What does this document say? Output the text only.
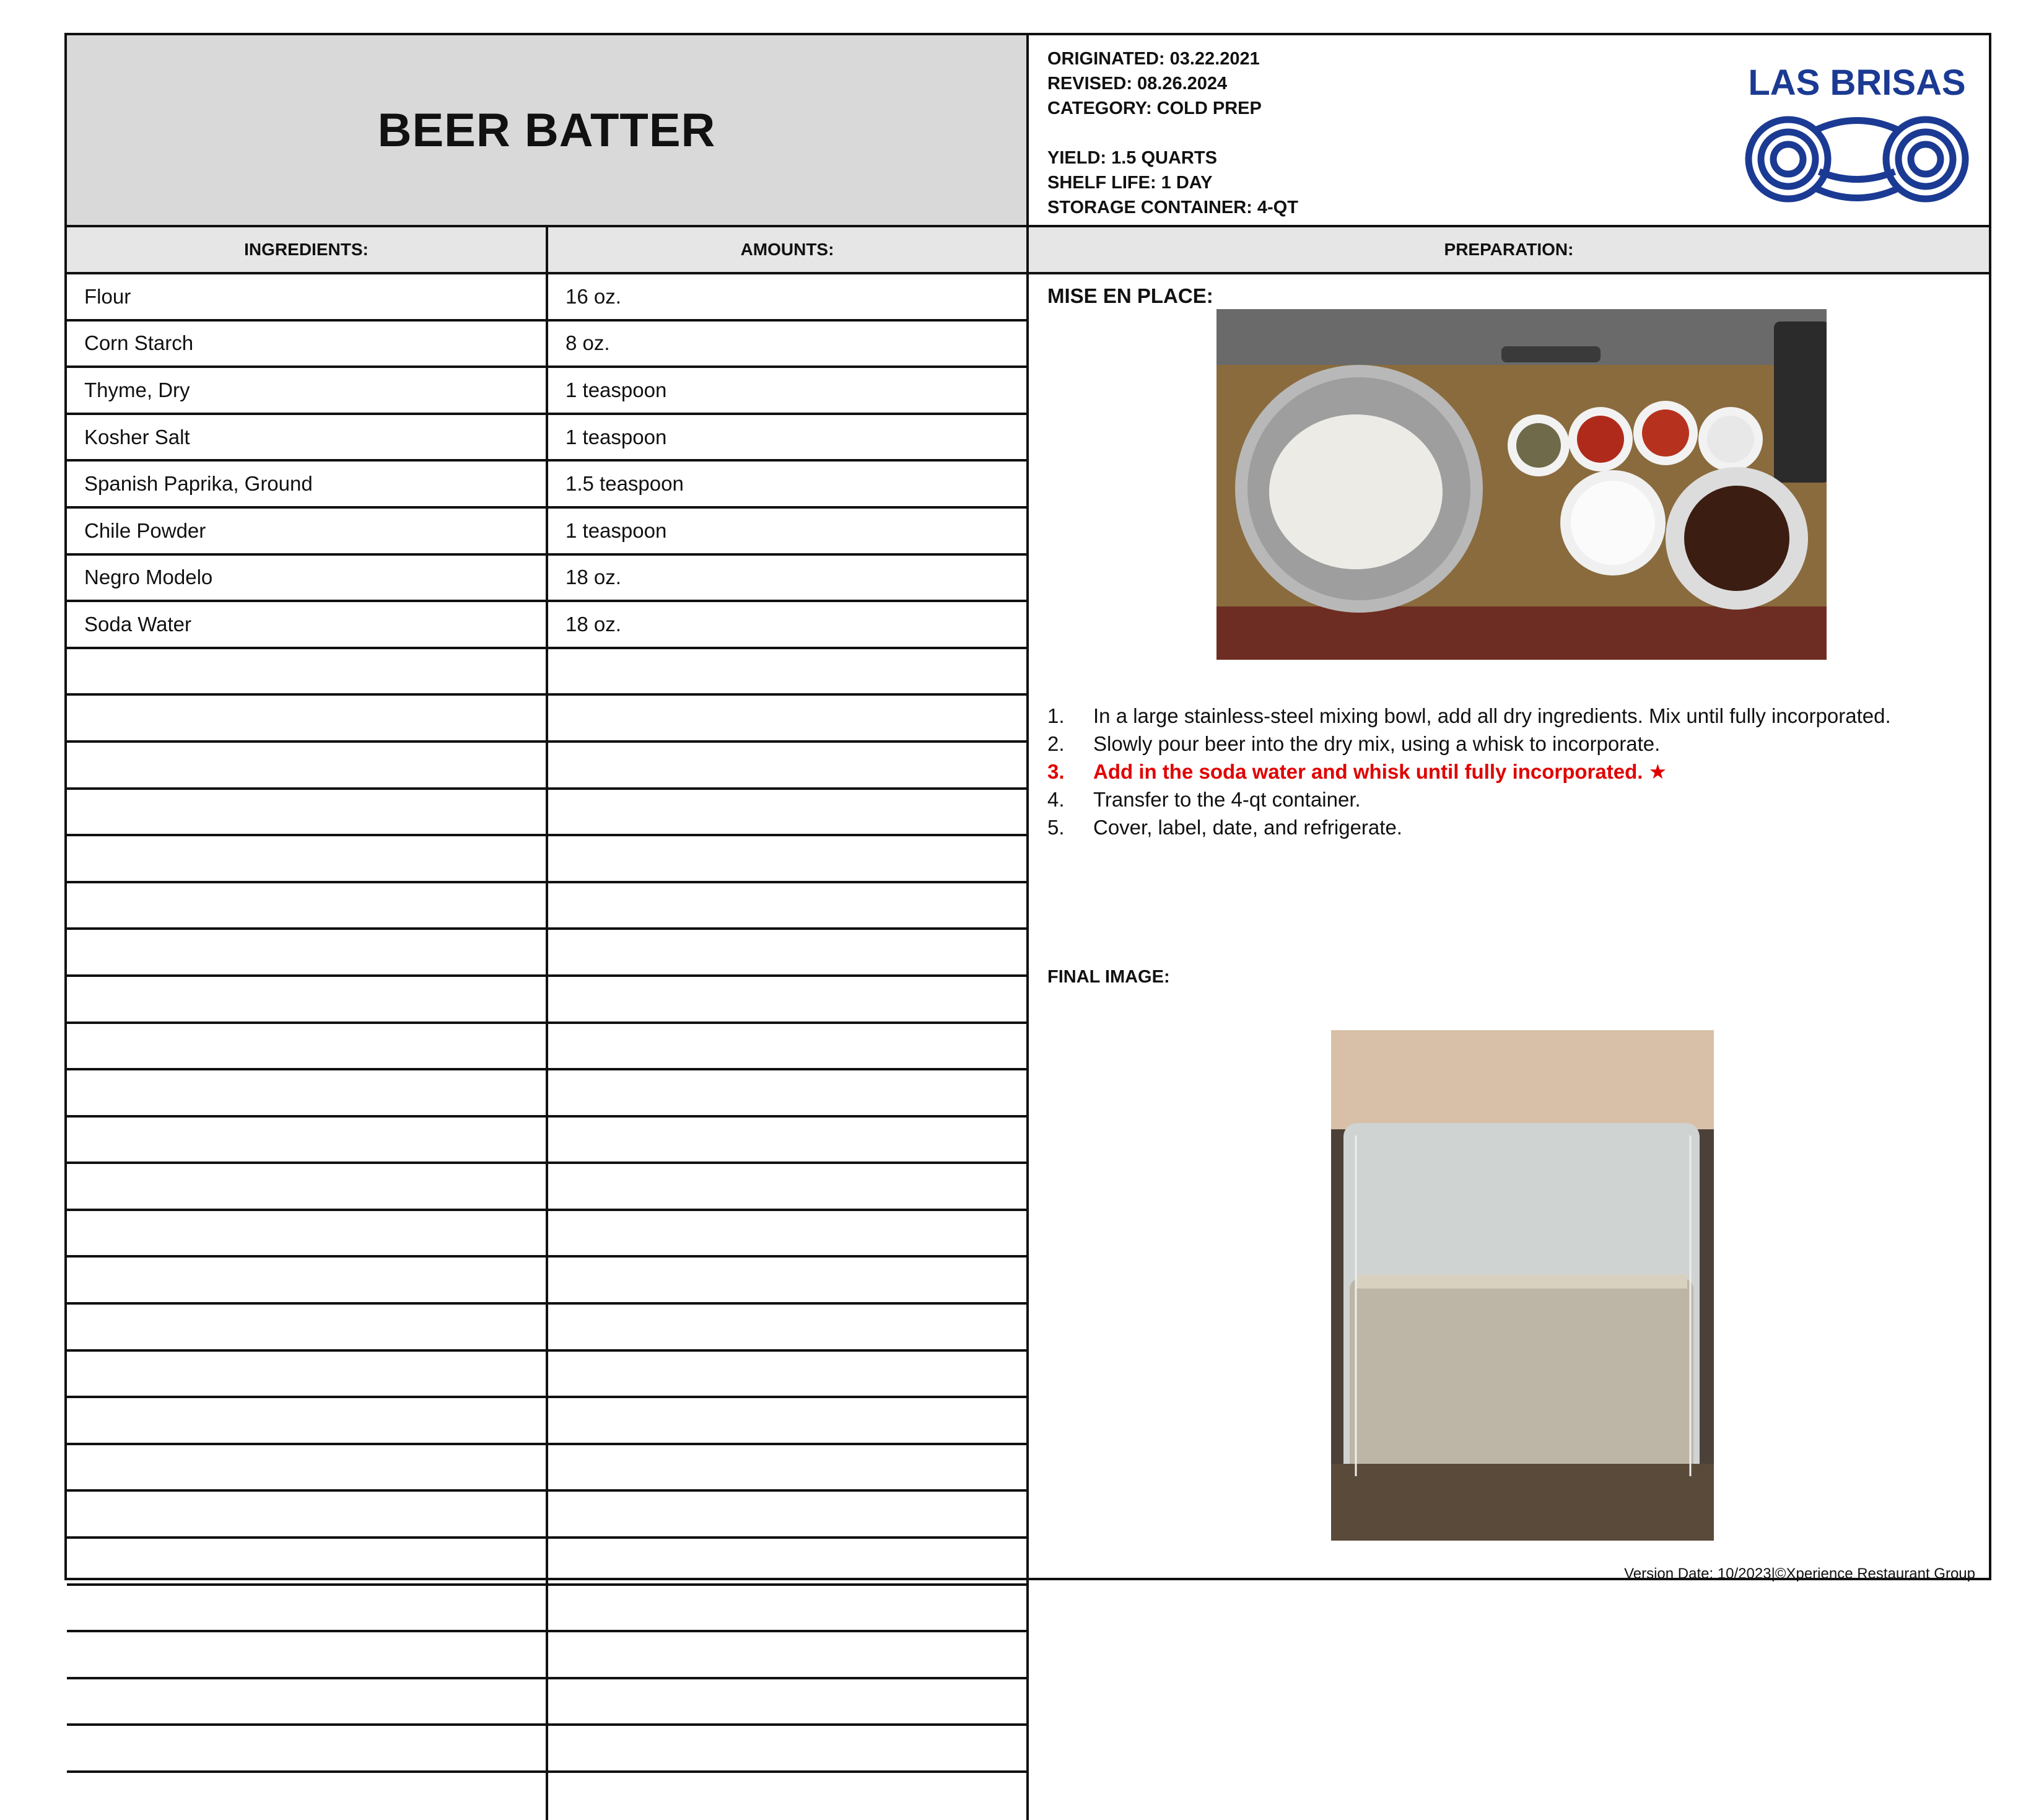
BEER BATTER
ORIGINATED: 03.22.2021
REVISED: 08.26.2024
CATEGORY: COLD PREP
YIELD: 1.5 QUARTS
SHELF LIFE: 1 DAY
STORAGE CONTAINER: 4-QT
LAS BRISAS
INGREDIENTS:	AMOUNTS:	PREPARATION:
Flour	16 oz.
Corn Starch	8 oz.
Thyme, Dry	1 teaspoon
Kosher Salt	1 teaspoon
Spanish Paprika, Ground	1.5 teaspoon
Chile Powder	1 teaspoon
Negro Modelo	18 oz.
Soda Water	18 oz.
MISE EN PLACE:
1.	In a large stainless-steel mixing bowl, add all dry ingredients. Mix until fully incorporated.
2.	Slowly pour beer into the dry mix, using a whisk to incorporate.
3.	Add in the soda water and whisk until fully incorporated. ★
4.	Transfer to the 4-qt container.
5.	Cover, label, date, and refrigerate.
FINAL IMAGE:
Version Date: 10/2023|©Xperience Restaurant Group
